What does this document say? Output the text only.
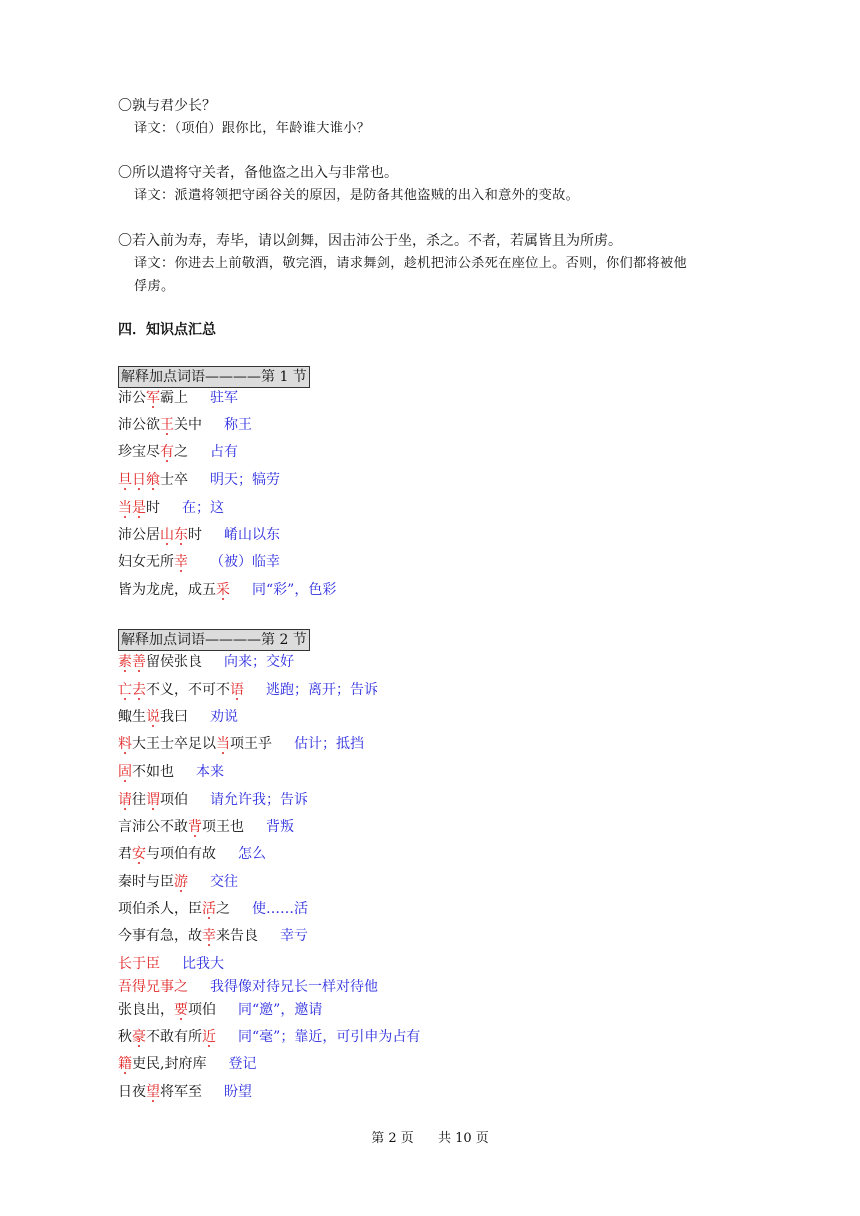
〇孰与君少长？
译文：（项伯）跟你比，年龄谁大谁小？
〇所以遣将守关者，备他盗之出入与非常也。
译文：派遣将领把守函谷关的原因，是防备其他盗贼的出入和意外的变故。
〇若入前为寿，寿毕，请以剑舞，因击沛公于坐，杀之。不者，若属皆且为所虏。
译文：你进去上前敬酒，敬完酒，请求舞剑，趁机把沛公杀死在座位上。否则，你们都将被他
俘虏。
四．知识点汇总
解释加点词语————第 1 节
沛公军霸上 驻军
沛公欲王关中 称王
珍宝尽有之 占有
旦日飨士卒 明天；犒劳
当是时 在；这
沛公居山东时 崤山以东
妇女无所幸 （被）临幸
皆为龙虎，成五采 同“彩”，色彩
解释加点词语————第 2 节
素善留侯张良 向来；交好
亡去不义，不可不语 逃跑；离开；告诉
鲰生说我曰 劝说
料大王士卒足以当项王乎 估计；抵挡
固不如也 本来
请往谓项伯 请允许我；告诉
言沛公不敢背项王也 背叛
君安与项伯有故 怎么
秦时与臣游 交往
项伯杀人，臣活之 使……活
今事有急，故幸来告良 幸亏
长于臣 比我大
吾得兄事之 我得像对待兄长一样对待他
张良出，要项伯 同“邀”，邀请
秋豪不敢有所近 同“毫”；靠近，可引申为占有
籍吏民,封府库 登记
日夜望将军至 盼望
第 2 页 共 10 页
